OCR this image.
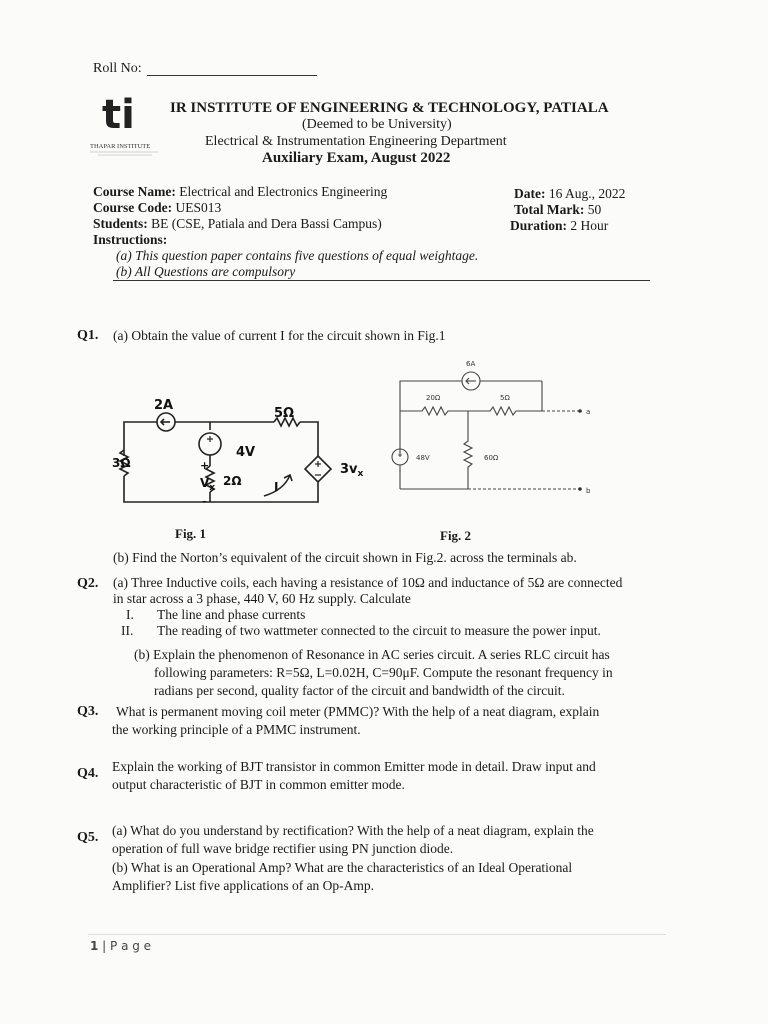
Roll No:
ti
THAPAR INSTITUTE
ΙR INSTITUTE OF ENGINEERING & TECHNOLOGY, PATIALA
(Deemed to be University)
Electrical & Instrumentation Engineering Department
Auxiliary Exam, August 2022
Course Name: Electrical and Electronics Engineering
Course Code: UES013
Students: BE (CSE, Patiala and Dera Bassi Campus)
Instructions:
(a) This question paper contains five questions of equal weightage.
(b) All Questions are compulsory
Date: 16 Aug., 2022
Total Mark: 50
Duration: 2 Hour
Q1. (a) Obtain the value of current I for the circuit shown in Fig.1
2A
5Ω
3Ω
4V
2Ω
+
$V_x$
-
I
$3v_x$
6A
20Ω	5Ω
48V	60Ω
a
b
Fig. 1	Fig. 2
(b) Find the Norton’s equivalent of the circuit shown in Fig.2. across the terminals ab.
Q2. (a) Three Inductive coils, each having a resistance of 10Ω and inductance of 5Ω are connected
in star across a 3 phase, 440 V, 60 Hz supply. Calculate
I. The line and phase currents
II. The reading of two wattmeter connected to the circuit to measure the power input.
(b) Explain the phenomenon of Resonance in AC series circuit. A series RLC circuit has
following parameters: R=5Ω, L=0.02H, C=90μF. Compute the resonant frequency in
radians per second, quality factor of the circuit and bandwidth of the circuit.
Q3. What is permanent moving coil meter (PMMC)? With the help of a neat diagram, explain
the working principle of a PMMC instrument.
Q4. Explain the working of BJT transistor in common Emitter mode in detail. Draw input and
output characteristic of BJT in common emitter mode.
Q5. (a) What do you understand by rectification? With the help of a neat diagram, explain the
operation of full wave bridge rectifier using PN junction diode.
(b) What is an Operational Amp? What are the characteristics of an Ideal Operational
Amplifier? List five applications of an Op-Amp.
1 | P a g e
